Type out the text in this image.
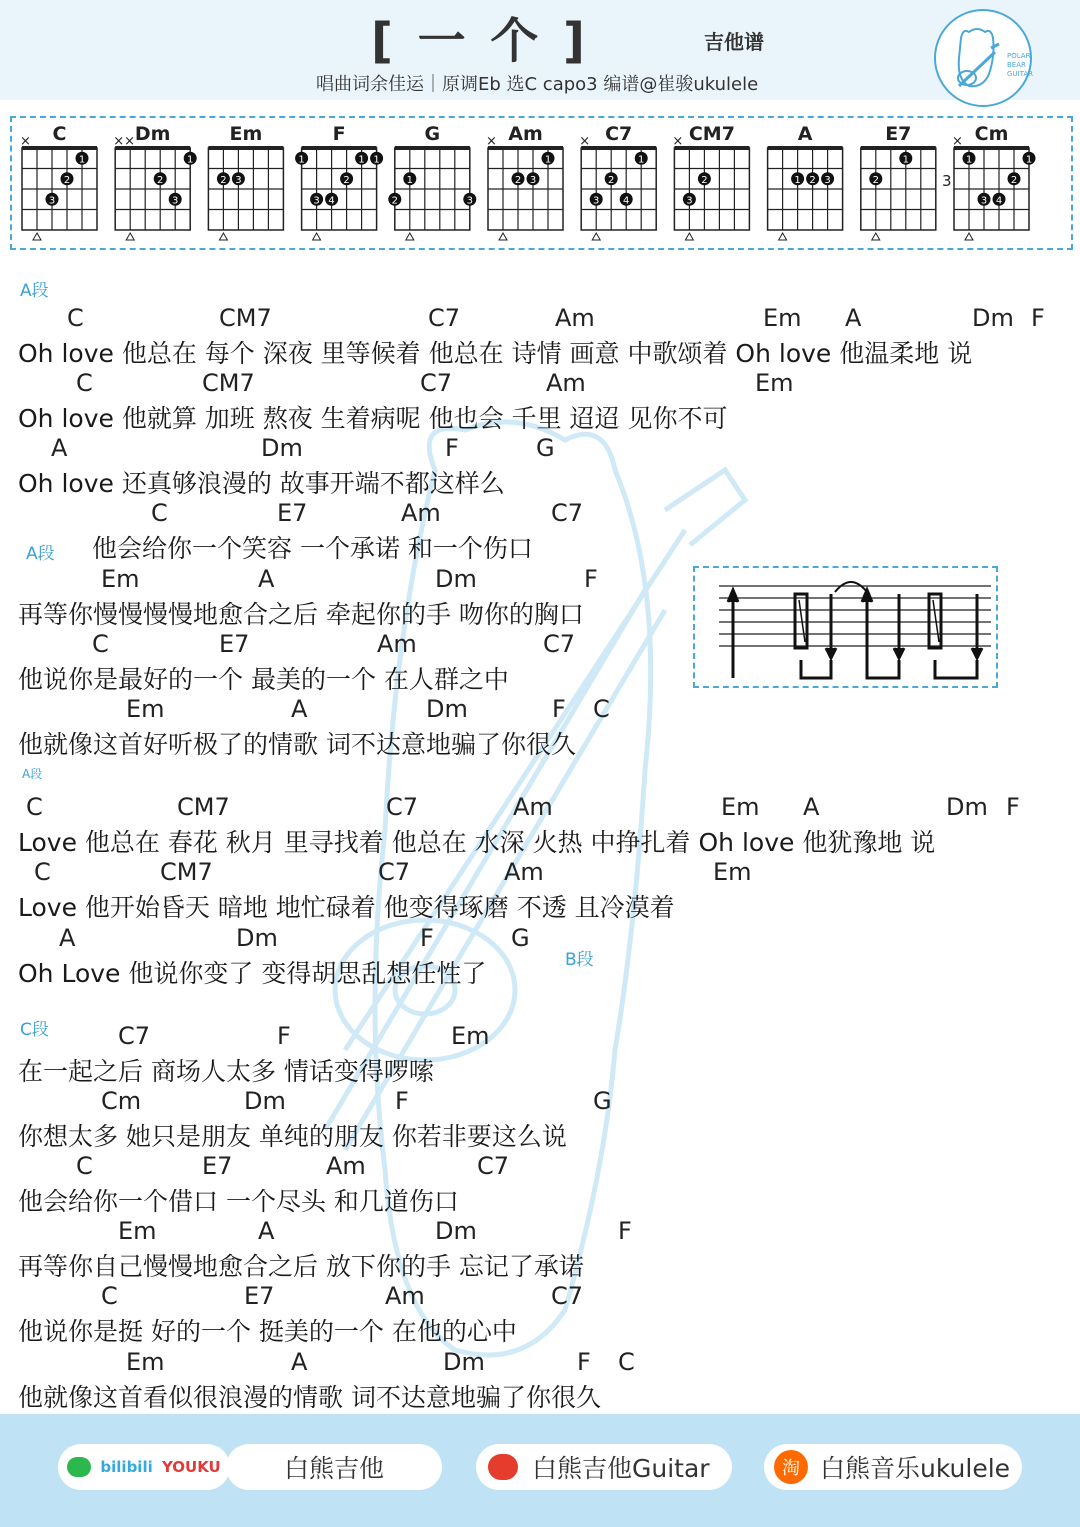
[ 一 个 ]	吉他谱
唱曲词余佳运｜原调Eb 选C capo3 编谱@崔骏ukulele
POLAR
BEAR
GUITAR
C
×
1
2
3
Dm
××
1
2
3
Em
2 3
F
1	1 1
2
3 4
G
1
2	3
Am
×
1
2 3
C7
×
1
2
3 4
CM7
×
2
3
A
1 2 3
E7
1
2
Cm
×
3
1	1
2
3 4
A段
A段
A段
B段
C段
C	CM7	C7	Am	Em A	Dm F
Oh love 他总在 每个 深夜 里等候着 他总在 诗情 画意 中歌颂着 Oh love 他温柔地 说
C	CM7	C7	Am	Em
Oh love 他就算 加班 熬夜 生着病呢 他也会 千里 迢迢 见你不可
A	Dm	F	G
Oh love 还真够浪漫的 故事开端不都这样么
C	E7	Am	C7
他会给你一个笑容 一个承诺 和一个伤口
Em	A	Dm	F
再等你慢慢慢慢地愈合之后 牵起你的手 吻你的胸口
C	E7	Am	C7
他说你是最好的一个 最美的一个 在人群之中
Em	A	Dm	F C
他就像这首好听极了的情歌 词不达意地骗了你很久
C	CM7	C7	Am	Em A	Dm F
Love 他总在 春花 秋月 里寻找着 他总在 水深 火热 中挣扎着 Oh love 他犹豫地 说
C	CM7	C7	Am	Em
Love 他开始昏天 暗地 地忙碌着 他变得琢磨 不透 且冷漠着
A	Dm	F	G
Oh Love 他说你变了 变得胡思乱想任性了
C7	F	Em
在一起之后 商场人太多 情话变得啰嗦
Cm	Dm	F	G
你想太多 她只是朋友 单纯的朋友 你若非要这么说
C	E7	Am	C7
他会给你一个借口 一个尽头 和几道伤口
Em	A	Dm	F
再等你自己慢慢地愈合之后 放下你的手 忘记了承诺
C	E7	Am	C7
他说你是挺 好的一个 挺美的一个 在他的心中
Em	A	Dm	F C
他就像这首看似很浪漫的情歌 词不达意地骗了你很久
bilibili YOUKU	白熊吉他	白熊吉他Guitar	淘 白熊音乐ukulele
